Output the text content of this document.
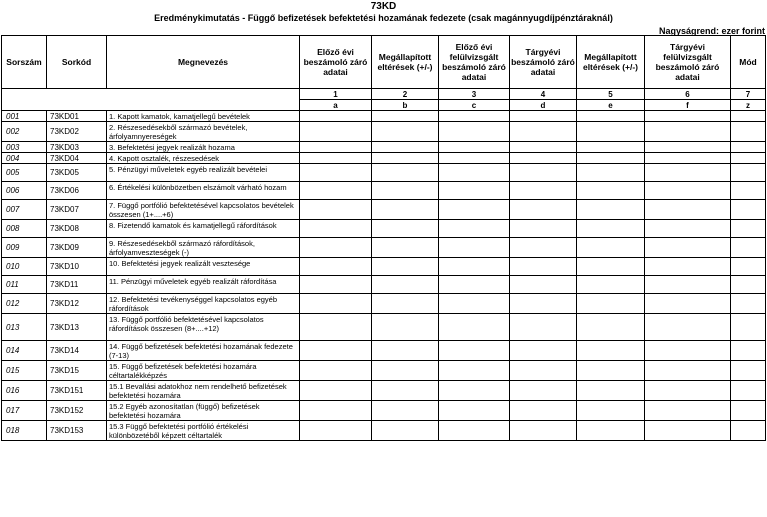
73KD
Eredménykimutatás - Függő befizetések befektetési hozamának fedezete (csak magánnyugdíjpénztáraknál)
Nagyságrend: ezer forint
Sorszám	Sorkód	Megnevezés	Előző évi beszámoló záró adatai	Megállapított eltérések (+/-)	Előző évi felülvizsgált beszámoló záró adatai	Tárgyévi beszámoló záró adatai	Megállapított eltérések (+/-)	Tárgyévi felülvizsgált beszámoló záró adatai	Mód
			1	2	3	4	5	6	7
			a	b	c	d	e	f	z
001	73KD01	1. Kapott kamatok, kamatjellegű bevételek							
002	73KD02	2. Részesedésekből származó bevételek, árfolyamnyereségek							
003	73KD03	3. Befektetési jegyek realizált hozama							
004	73KD04	4. Kapott osztalék, részesedések							
005	73KD05	5. Pénzügyi műveletek egyéb realizált bevételei							
006	73KD06	6. Értékelési különbözetben elszámolt várható hozam							
007	73KD07	7. Függő portfólió befektetésével kapcsolatos bevételek összesen (1+....+6)							
008	73KD08	8. Fizetendő kamatok és kamatjellegű ráfordítások							
009	73KD09	9. Részesedésekből származó ráfordítások, árfolyamveszteségek (-)							
010	73KD10	10. Befektetési jegyek realizált vesztesége							
011	73KD11	11. Pénzügyi műveletek egyéb realizált ráfordítása							
012	73KD12	12. Befektetési tevékenységgel kapcsolatos egyéb ráfordítások							
013	73KD13	13. Függő portfólió befektetésével kapcsolatos ráfordítások összesen (8+....+12)							
014	73KD14	14. Függő befizetések befektetési hozamának fedezete (7-13)							
015	73KD15	15. Függő befizetések befektetési hozamára céltartalékképzés							
016	73KD151	15.1 Bevallási adatokhoz nem rendelhető befizetések befektetési hozamára							
017	73KD152	15.2 Egyéb azonosítatlan (függő) befizetések befektetési hozamára							
018	73KD153	15.3 Függő befektetési portfólió értékelési különbözetéből képzett céltartalék							
